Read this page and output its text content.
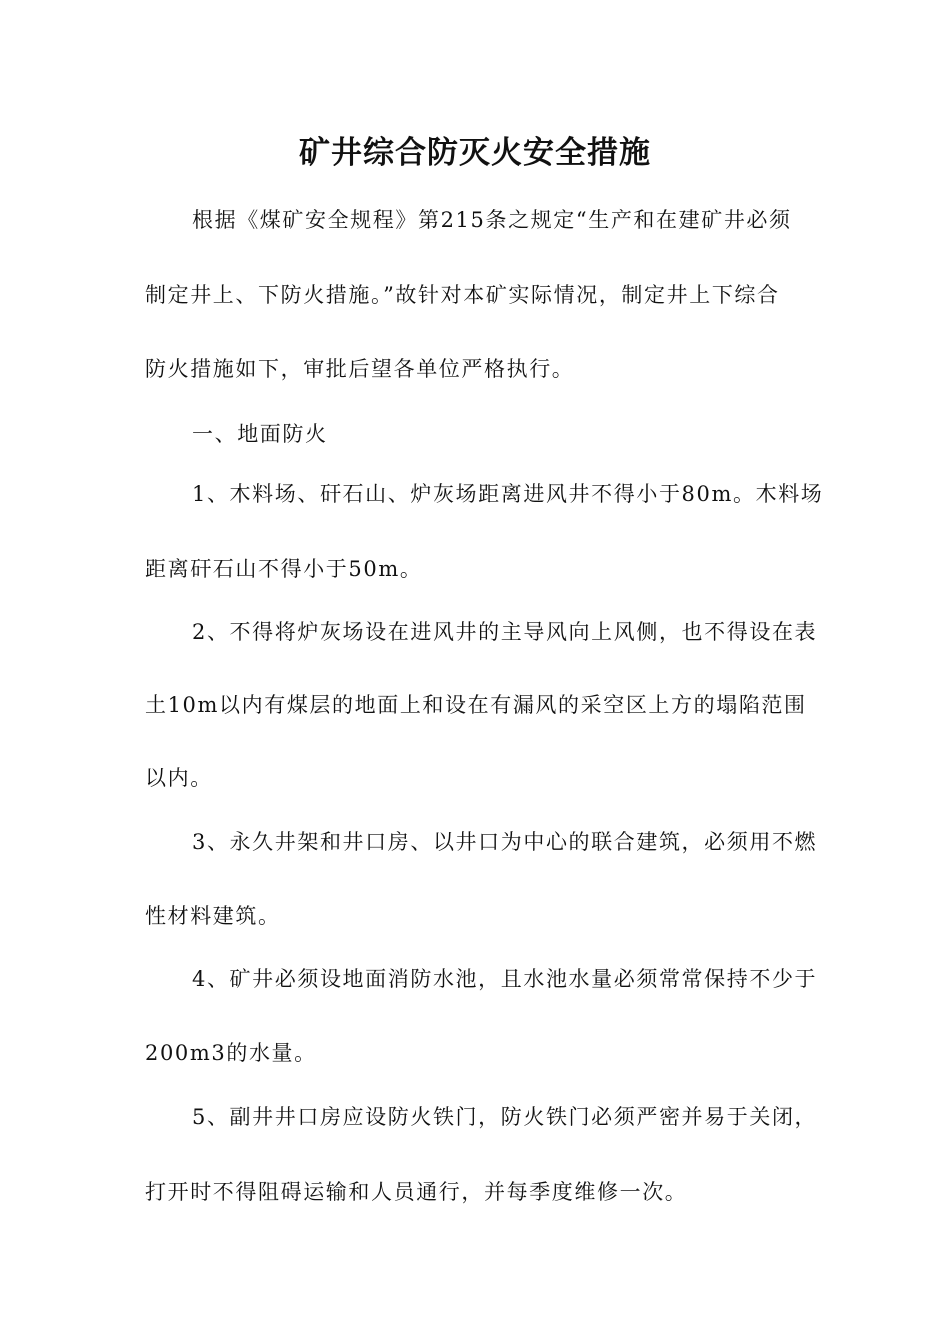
矿井综合防灭火安全措施

根据《煤矿安全规程》第215条之规定“生产和在建矿井必须

制定井上、下防火措施。”故针对本矿实际情况，制定井上下综合

防火措施如下，审批后望各单位严格执行。

一、地面防火

1、木料场、矸石山、炉灰场距离进风井不得小于80m。木料场

距离矸石山不得小于50m。

2、不得将炉灰场设在进风井的主导风向上风侧，也不得设在表

土10m以内有煤层的地面上和设在有漏风的采空区上方的塌陷范围

以内。

3、永久井架和井口房、以井口为中心的联合建筑，必须用不燃

性材料建筑。

4、矿井必须设地面消防水池，且水池水量必须常常保持不少于

200m3的水量。

5、副井井口房应设防火铁门，防火铁门必须严密并易于关闭，

打开时不得阻碍运输和人员通行，并每季度维修一次。
